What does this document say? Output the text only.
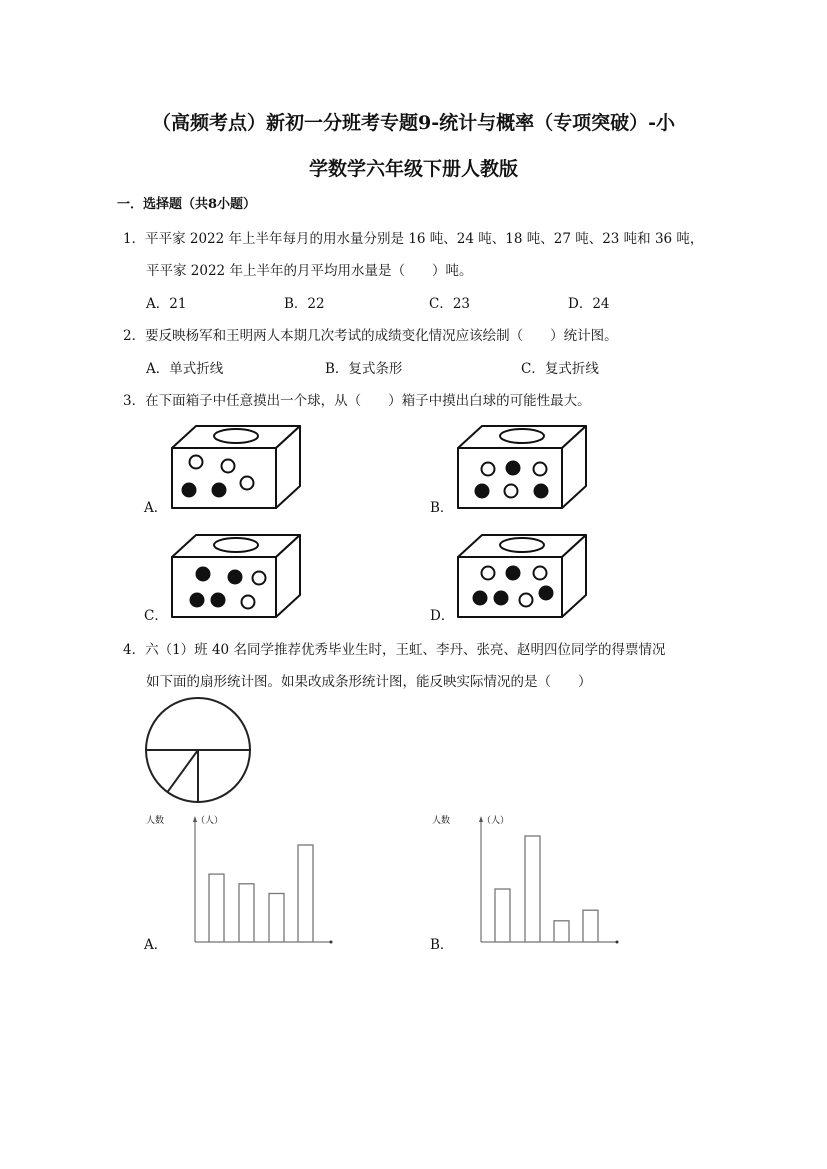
（高频考点）新初一分班考专题9-统计与概率（专项突破）-小
学数学六年级下册人教版
一．选择题（共8小题）
1．平平家 2022 年上半年每月的用水量分别是 16 吨、24 吨、18 吨、27 吨、23 吨和 36 吨，
平平家 2022 年上半年的月平均用水量是（　　）吨。
A．21	B．22	C．23	D．24
2．要反映杨军和王明两人本期几次考试的成绩变化情况应该绘制（　　）统计图。
A．单式折线	B．复式条形	C．复式折线
3．在下面箱子中任意摸出一个球，从（　　）箱子中摸出白球的可能性最大。
A．	B．
C．	D．
4．六（1）班 40 名同学推荐优秀毕业生时，王虹、李丹、张亮、赵明四位同学的得票情况
如下面的扇形统计图。如果改成条形统计图，能反映实际情况的是（　　）
人数	（人）	人数	（人）
A．	B．
